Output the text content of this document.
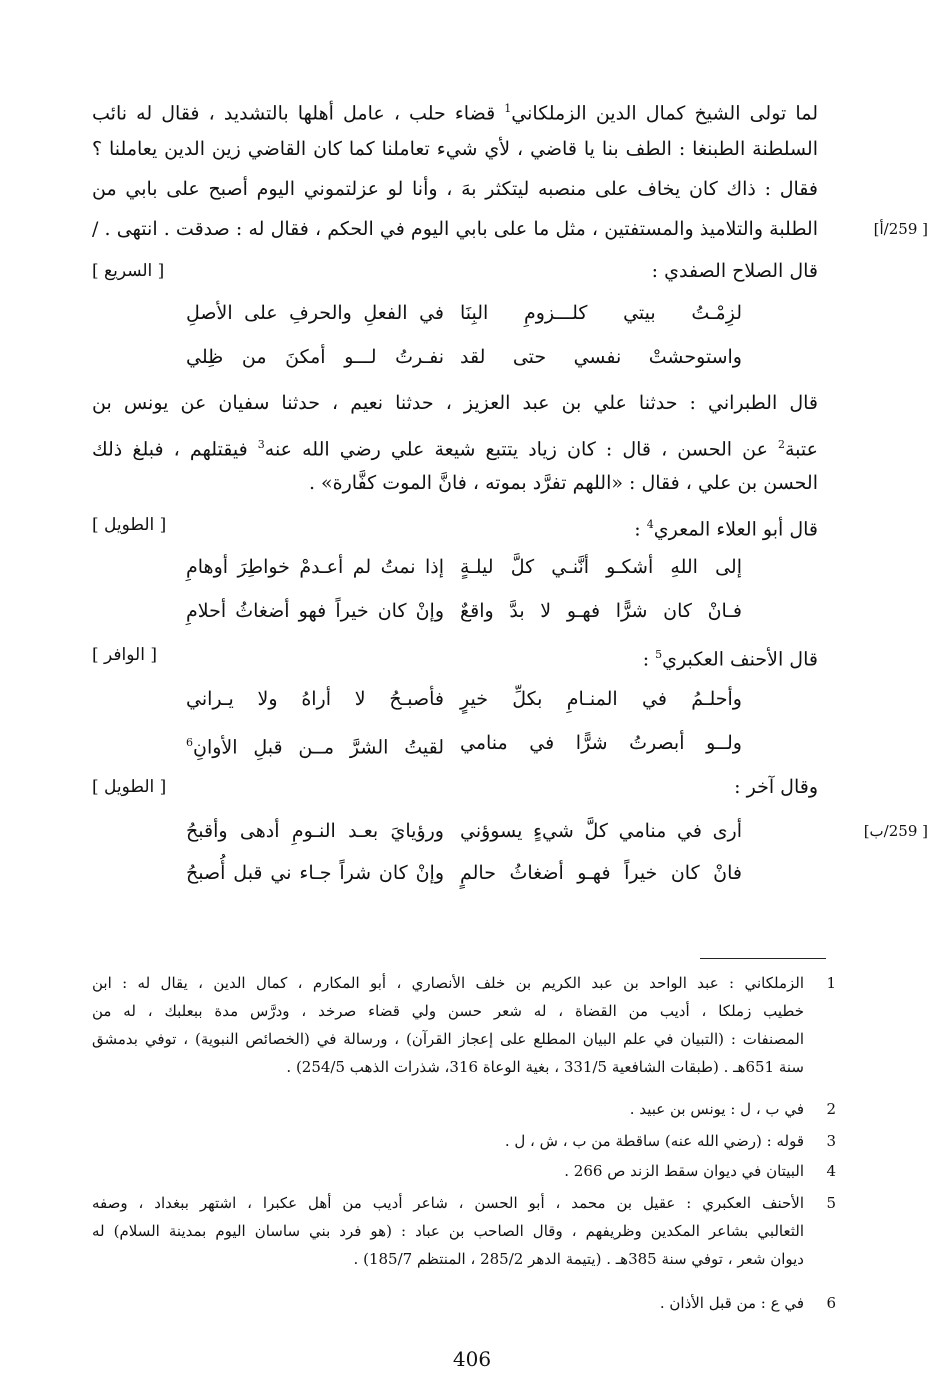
لما تولى الشيخ كمال الدين الزملكاني$^1$ قضاء حلب ، عامل أهلها بالتشديد ، فقال له نائب
السلطنة الطبنغا : الطف بنا يا قاضي ، لأي شيء تعاملنا كما كان القاضي زين الدين يعاملنا ؟
فقال : ذاك كان يخاف على منصبه ليتكثر بهَ ، وأنا لو عزلتموني اليوم أصبح على بابي من
الطلبة والتلاميذ والمستفتين ، مثل ما على بابي اليوم في الحكم ، فقال له : صدقت . انتهى . /	[ 259/أ]
قال الصلاح الصفدي :
[ السريع ]
لزِمْـتُ بيتي كلـــزومِ البِنَا
في الفعلِ والحرفِ على الأصلِ
واستوحشتْ نفسي حتى لقد
نفـرتُ لـــو أمكنَ من ظِلي
قال الطبراني : حدثنا علي بن عبد العزيز ، حدثنا نعيم ، حدثنا سفيان عن يونس بن
عتبة$^2$ عن الحسن ، قال : كان زياد يتتبع شيعة علي رضي الله عنه$^3$ فيقتلهم ، فبلغ ذلك
الحسن بن علي ، فقال : «اللهم تفرَّد بموته ، فانَّ الموت كفَّارة» .
قال أبو العلاء المعري$^4$ :
[ الطويل ]
إلى اللهِ أشكـو أنَّنـي كلَّ ليلـةٍ
إذا نمتُ لم أعـدمْ خواطِرَ أوهامِ
فـانْ كان شرًّا فهـو لا بدَّ واقعٌ
وإنْ كان خيراً فهو أضغاثُ أحلامِ
قال الأحنف العكبري$^5$ :
[ الوافر ]
وأحلـمُ في المنـامِ بكلِّ خيرٍ
فأصبـحُ لا أراهُ ولا يـراني
ولــو أبصرتُ شرًّا في منامي
لقيتُ الشرَّ مــن قبلِ الأوانِ$^6$
وقال آخر :
[ الطويل ]
أرى في منامي كلَّ شيءٍ يسوؤني
ورؤيايَ بعـد النـومِ أدهى وأقبحُ	[ 259/ب]
فانْ كان خيراً فهـو أضغاثُ حالمٍ
وإنْ كان شراً جـاء ني قبل أُصبحُ
1
الزملكاني : عبد الواحد بن عبد الكريم بن خلف الأنصاري ، أبو المكارم ، كمال الدين ، يقال له : ابن
خطيب زملكا ، أديب من القضاة ، له شعر حسن ولي قضاء صرخد ، ودرَّس مدة ببعلبك ، له من
المصنفات : (التبيان في علم البيان المطلع على إعجاز القرآن) ، ورسالة في (الخصائص النبوية) ، توفي بدمشق
سنة 651هـ . (طبقات الشافعية 331/5 ، بغية الوعاة 316، شذرات الذهب 254/5) .
2
في ب ، ل : يونس بن عبيد .
3
قوله : (رضي الله عنه) ساقطة من ب ، ش ، ل .
4
البيتان في ديوان سقط الزند ص 266 .
5
الأحنف العكبري : عقيل بن محمد ، أبو الحسن ، شاعر أديب من أهل عكبرا ، اشتهر ببغداد ، وصفه
الثعالبي بشاعر المكدين وظريفهم ، وقال الصاحب بن عباد : (هو فرد بني ساسان اليوم بمدينة السلام) له
ديوان شعر ، توفي سنة 385هـ . (يتيمة الدهر 285/2 ، المنتظم 185/7) .
6
في ع : من قبل الأذان .
406
